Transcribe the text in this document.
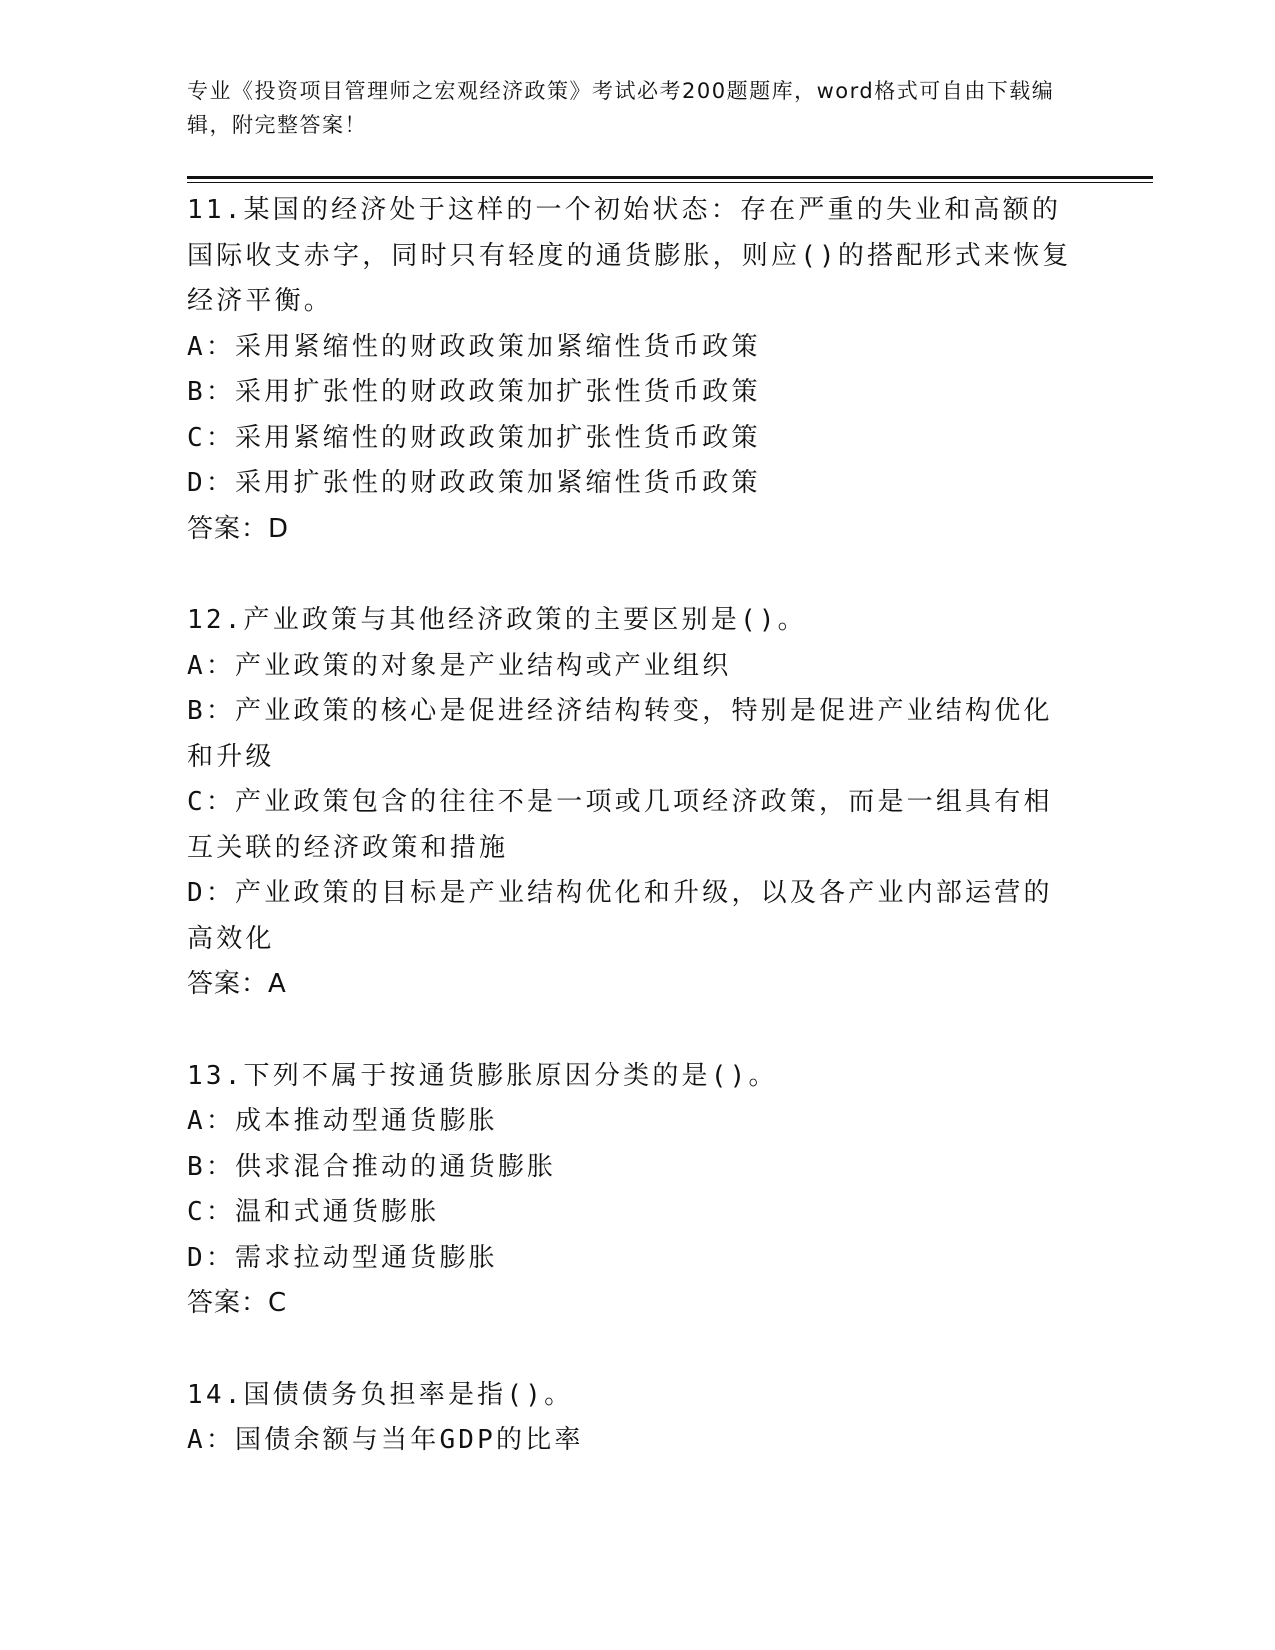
专业《投资项目管理师之宏观经济政策》考试必考200题题库，word格式可自由下载编辑，附完整答案！
11.某国的经济处于这样的一个初始状态：存在严重的失业和高额的国际收支赤字，同时只有轻度的通货膨胀，则应()的搭配形式来恢复经济平衡。
A：采用紧缩性的财政政策加紧缩性货币政策
B：采用扩张性的财政政策加扩张性货币政策
C：采用紧缩性的财政政策加扩张性货币政策
D：采用扩张性的财政政策加紧缩性货币政策
答案：D
12.产业政策与其他经济政策的主要区别是()。
A：产业政策的对象是产业结构或产业组织
B：产业政策的核心是促进经济结构转变，特别是促进产业结构优化和升级
C：产业政策包含的往往不是一项或几项经济政策，而是一组具有相互关联的经济政策和措施
D：产业政策的目标是产业结构优化和升级，以及各产业内部运营的高效化
答案：A
13.下列不属于按通货膨胀原因分类的是()。
A：成本推动型通货膨胀
B：供求混合推动的通货膨胀
C：温和式通货膨胀
D：需求拉动型通货膨胀
答案：C
14.国债债务负担率是指()。
A：国债余额与当年GDP的比率
